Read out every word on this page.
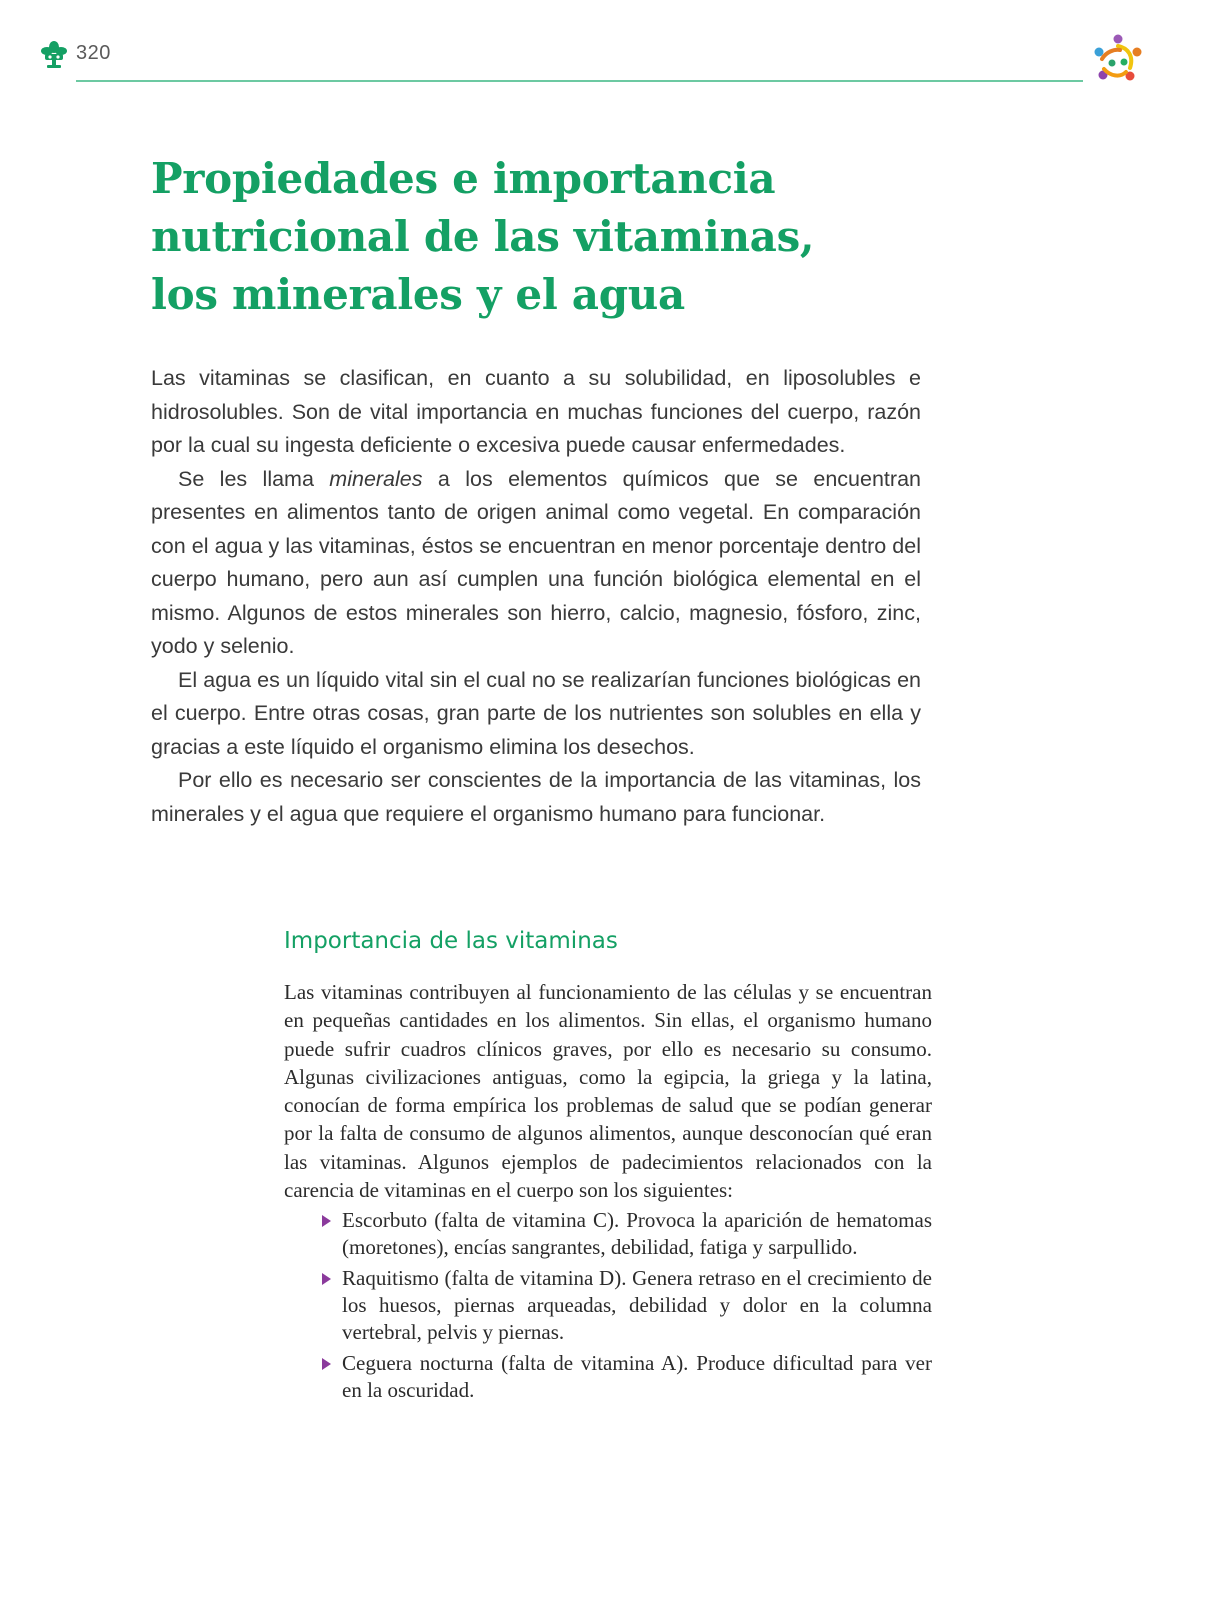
320
Propiedades e importancia
nutricional de las vitaminas,
los minerales y el agua

Las vitaminas se clasifican, en cuanto a su solubilidad, en liposolubles e hidrosolubles. Son de vital importancia en muchas funciones del cuerpo, razón por la cual su ingesta deficiente o excesiva puede causar enfermedades.

Se les llama minerales a los elementos químicos que se encuentran presentes en alimentos tanto de origen animal como vegetal. En comparación con el agua y las vitaminas, éstos se encuentran en menor porcentaje dentro del cuerpo humano, pero aun así cumplen una función biológica elemental en el mismo. Algunos de estos minerales son hierro, calcio, magnesio, fósforo, zinc, yodo y selenio.

El agua es un líquido vital sin el cual no se realizarían funciones biológicas en el cuerpo. Entre otras cosas, gran parte de los nutrientes son solubles en ella y gracias a este líquido el organismo elimina los desechos.

Por ello es necesario ser conscientes de la importancia de las vitaminas, los minerales y el agua que requiere el organismo humano para funcionar.

Importancia de las vitaminas

Las vitaminas contribuyen al funcionamiento de las células y se encuentran en pequeñas cantidades en los alimentos. Sin ellas, el organismo humano puede sufrir cuadros clínicos graves, por ello es necesario su consumo. Algunas civilizaciones antiguas, como la egipcia, la griega y la latina, conocían de forma empírica los problemas de salud que se podían generar por la falta de consumo de algunos alimentos, aunque desconocían qué eran las vitaminas. Algunos ejemplos de padecimientos relacionados con la carencia de vitaminas en el cuerpo son los siguientes:

Escorbuto (falta de vitamina C). Provoca la aparición de hematomas (moretones), encías sangrantes, debilidad, fatiga y sarpullido.
Raquitismo (falta de vitamina D). Genera retraso en el crecimiento de los huesos, piernas arqueadas, debilidad y dolor en la columna vertebral, pelvis y piernas.
Ceguera nocturna (falta de vitamina A). Produce dificultad para ver en la oscuridad.
